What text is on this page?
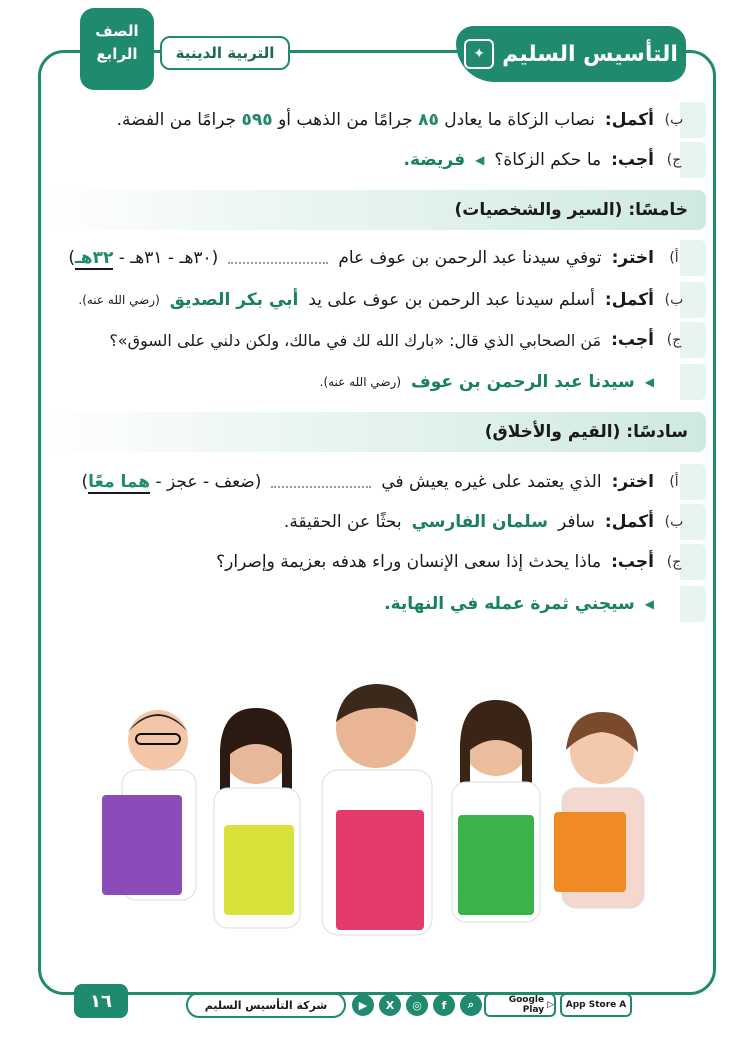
الصف
الرابع	التربية الدينية	التأسيس السليم
✦
ب)
أكمل:
نصاب الزكاة ما يعادل ٨٥ جرامًا من الذهب أو ٥٩٥ جرامًا من الفضة.
ج)
أجب:
ما حكم الزكاة؟
◀
فريضة.
خامسًا: (السير والشخصيات)
أ)
اختر:
توفي سيدنا عبد الرحمن بن عوف عام
(٣٠هـ - ٣١هـ - ٣٢هـ)
ب)
أكمل:
أسلم سيدنا عبد الرحمن بن عوف على يد
أبي بكر الصديق
(رضي الله عنه).
ج)
أجب:
مَن الصحابي الذي قال: «بارك الله لك في مالك، ولكن دلني على السوق»؟
◀
سيدنا عبد الرحمن بن عوف
(رضي الله عنه).
سادسًا: (القيم والأخلاق)
أ)
اختر:
الذي يعتمد على غيره يعيش في
(ضعف - عجز - هما معًا)
ب)
أكمل:
سافر
سلمان الفارسي
بحثًا عن الحقيقة.
ج)
أجب:
ماذا يحدث إذا سعى الإنسان وراء هدفه بعزيمة وإصرار؟
◀
سيجني ثمرة عمله في النهاية.
١٦	شركة التأسيس السليم	⌕
f
◎
X
▶	▷
Google Play	A
App Store
